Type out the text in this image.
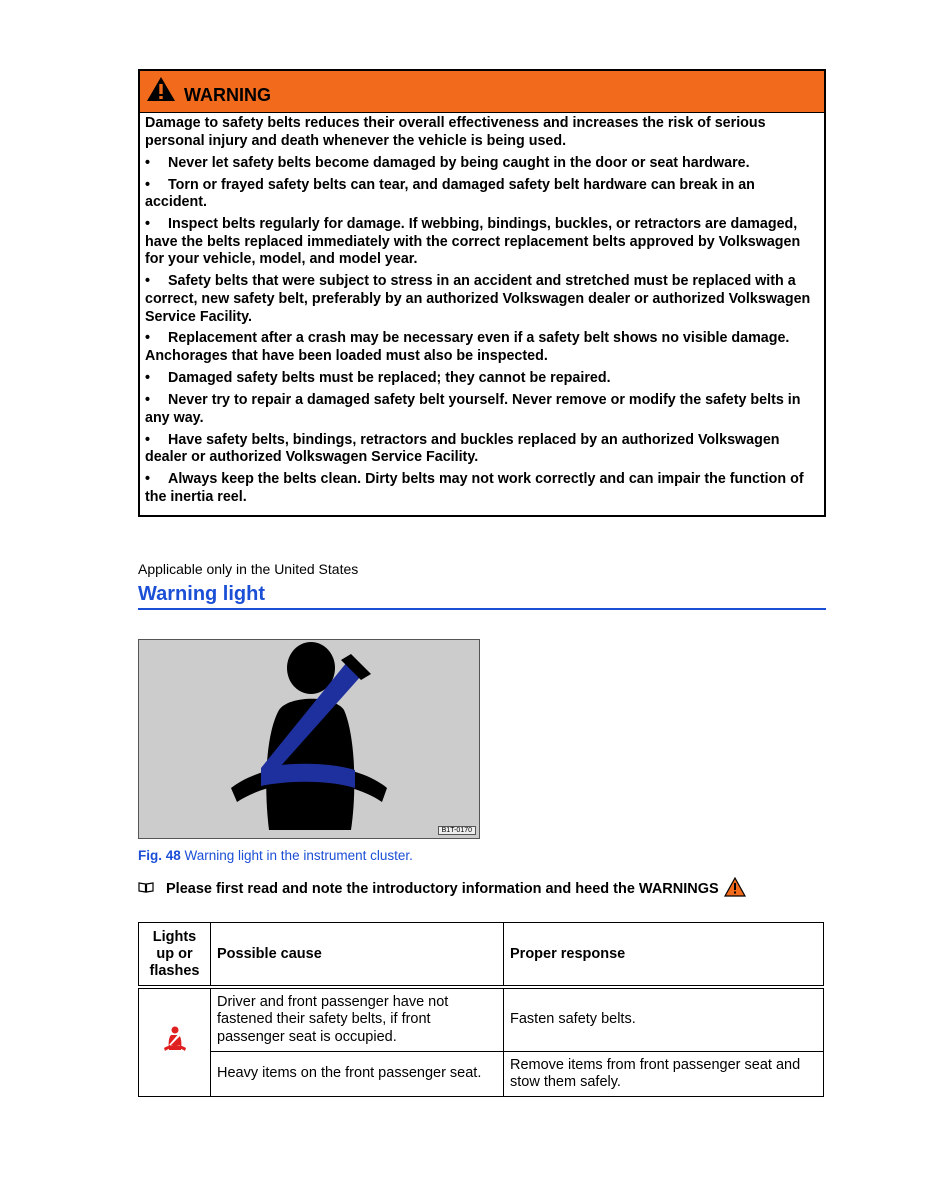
WARNING

Damage to safety belts reduces their overall effectiveness and increases the risk of serious personal injury and death whenever the vehicle is being used.

• Never let safety belts become damaged by being caught in the door or seat hardware.

• Torn or frayed safety belts can tear, and damaged safety belt hardware can break in an accident.

• Inspect belts regularly for damage. If webbing, bindings, buckles, or retractors are damaged, have the belts replaced immediately with the correct replacement belts approved by Volkswagen for your vehicle, model, and model year.

• Safety belts that were subject to stress in an accident and stretched must be replaced with a correct, new safety belt, preferably by an authorized Volkswagen dealer or authorized Volkswagen Service Facility.

• Replacement after a crash may be necessary even if a safety belt shows no visible damage. Anchorages that have been loaded must also be inspected.

• Damaged safety belts must be replaced; they cannot be repaired.

• Never try to repair a damaged safety belt yourself. Never remove or modify the safety belts in any way.

• Have safety belts, bindings, retractors and buckles replaced by an authorized Volkswagen dealer or authorized Volkswagen Service Facility.

• Always keep the belts clean. Dirty belts may not work correctly and can impair the function of the inertia reel.

Applicable only in the United States
Warning light
B1T-0170
Fig. 48 Warning light in the instrument cluster.
Please first read and note the introductory information and heed the WARNINGS
Lights up or flashes	Possible cause	Proper response
	Driver and front passenger have not fastened their safety belts, if front passenger seat is occupied.	Fasten safety belts.
	Heavy items on the front passenger seat.	Remove items from front passenger seat and stow them safely.
